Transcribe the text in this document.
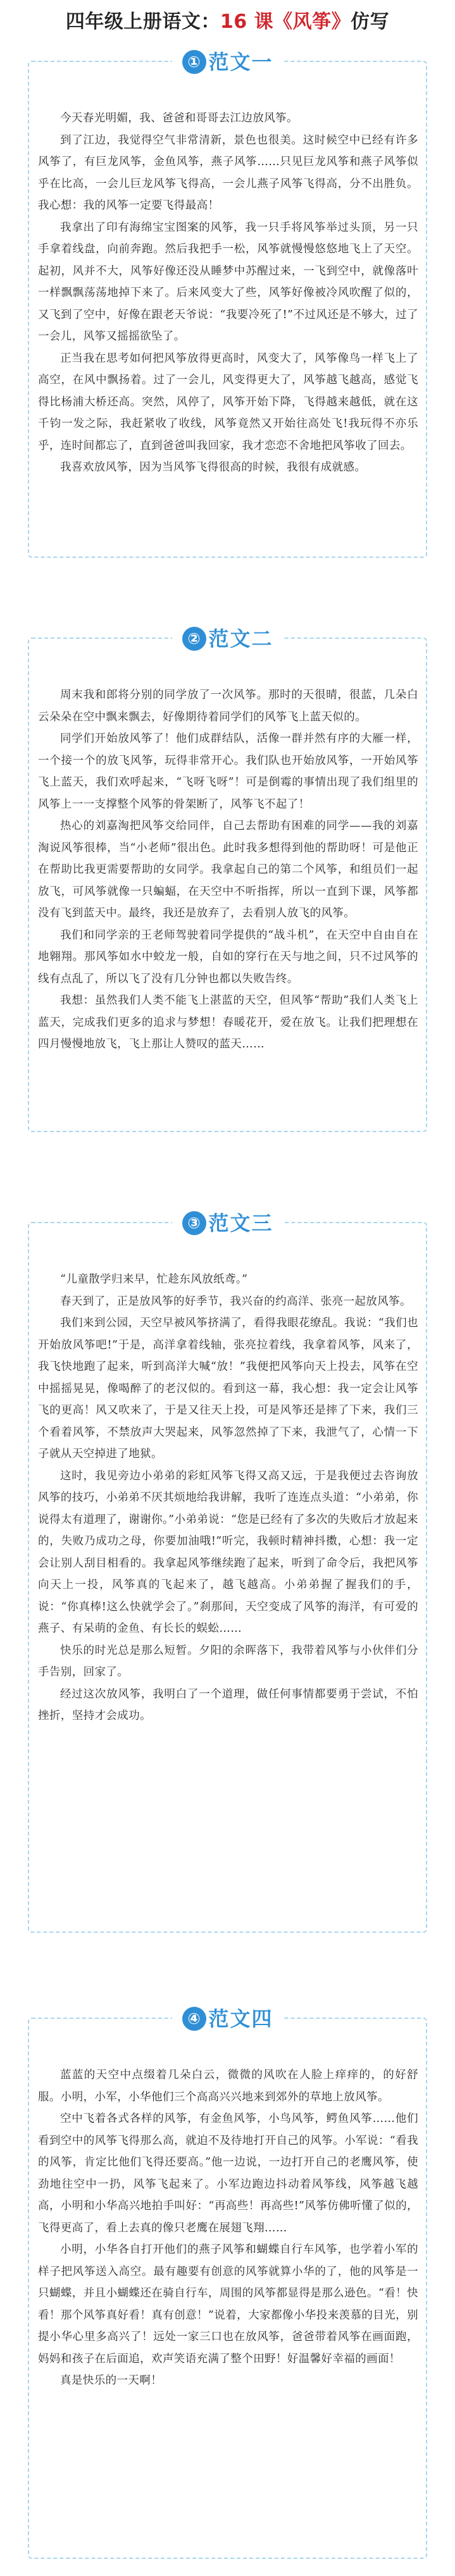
四年级上册语文：16 课《风筝》仿写
① 范文一

今天春光明媚，我、爸爸和哥哥去江边放风筝。

到了江边，我觉得空气非常清新，景色也很美。这时候空中已经有许多风筝了，有巨龙风筝，金鱼风筝，燕子风筝……只见巨龙风筝和燕子风筝似乎在比高，一会儿巨龙风筝飞得高，一会儿燕子风筝飞得高，分不出胜负。我心想：我的风筝一定要飞得最高！

我拿出了印有海绵宝宝图案的风筝，我一只手将风筝举过头顶，另一只手拿着线盘，向前奔跑。然后我把手一松，风筝就慢慢悠悠地飞上了天空。起初，风并不大，风筝好像还没从睡梦中苏醒过来，一飞到空中，就像落叶一样飘飘荡荡地掉下来了。后来风变大了些，风筝好像被冷风吹醒了似的，又飞到了空中，好像在跟老天爷说：“我要冷死了!”不过风还是不够大，过了一会儿，风筝又摇摇欲坠了。

正当我在思考如何把风筝放得更高时，风变大了，风筝像鸟一样飞上了高空，在风中飘扬着。过了一会儿，风变得更大了，风筝越飞越高，感觉飞得比杨浦大桥还高。突然，风停了，风筝开始下降，飞得越来越低，就在这千钧一发之际，我赶紧收了收线，风筝竟然又开始往高处飞!我玩得不亦乐乎，连时间都忘了，直到爸爸叫我回家，我才恋恋不舍地把风筝收了回去。

我喜欢放风筝，因为当风筝飞得很高的时候，我很有成就感。

② 范文二

周末我和郎将分别的同学放了一次风筝。那时的天很晴，很蓝，几朵白云朵朵在空中飘来飘去，好像期待着同学们的风筝飞上蓝天似的。

同学们开始放风筝了！他们成群结队，活像一群并然有序的大雁一样，一个接一个的放飞风筝，玩得非常开心。我们队也开始放风筝，一开始风筝飞上蓝天，我们欢呼起来，“飞呀飞呀”！可是倒霉的事情出现了我们组里的风筝上一一支撑整个风筝的骨架断了，风筝飞不起了！

热心的刘嘉淘把风筝交给同伴，自己去帮助有困难的同学——我的刘嘉淘说风筝很棒，当“小老师”很出色。此时我多想得到他的帮助呀！可是他正在帮助比我更需要帮助的女同学。我拿起自己的第二个风筝，和组员们一起放飞，可风筝就像一只蝙蝠，在天空中不听指挥，所以一直到下课，风筝都没有飞到蓝天中。最终，我还是放弃了，去看别人放飞的风筝。

我们和同学亲的王老师驾驶着同学提供的“战斗机”，在天空中自由自在地翱翔。那风筝如水中蛟龙一般，自如的穿行在天与地之间，只不过风筝的线有点乱了，所以飞了没有几分钟也都以失败告终。

我想：虽然我们人类不能飞上湛蓝的天空，但风筝“帮助”我们人类飞上蓝天，完成我们更多的追求与梦想！春暖花开，爱在放飞。让我们把理想在四月慢慢地放飞，飞上那让人赞叹的蓝天……

③ 范文三

“儿童散学归来早，忙趁东风放纸鸢。”

春天到了，正是放风筝的好季节，我兴奋的约高洋、张亮一起放风筝。

我们来到公园，天空早被风筝挤满了，看得我眼花缭乱。我说：“我们也开始放风筝吧!”于是，高洋拿着线轴，张亮拉着线，我拿着风筝，风来了，我飞快地跑了起来，听到高洋大喊“放！”我便把风筝向天上投去，风筝在空中摇摇晃晃，像喝醉了的老汉似的。看到这一幕，我心想：我一定会让风筝飞的更高！风又吹来了，于是又往天上投，可是风筝还是摔了下来，我们三个看着风筝，不禁放声大哭起来，风筝忽然掉了下来，我泄气了，心情一下子就从天空掉进了地狱。

这时，我见旁边小弟弟的彩虹风筝飞得又高又远，于是我便过去咨询放风筝的技巧，小弟弟不厌其烦地给我讲解，我听了连连点头道：“小弟弟，你说得太有道理了，谢谢你。”小弟弟说：“您是已经有了多次的失败后才放起来的，失败乃成功之母，你要加油哦!”听完，我顿时精神抖擞，心想：我一定会让别人刮目相看的。我拿起风筝继续跑了起来，听到了命令后，我把风筝向天上一投，风筝真的飞起来了，越飞越高。小弟弟握了握我们的手，说：“你真棒!这么快就学会了。”刹那间，天空变成了风筝的海洋，有可爱的燕子、有呆萌的金鱼、有长长的蜈蚣……

快乐的时光总是那么短暂。夕阳的余晖落下，我带着风筝与小伙伴们分手告别，回家了。

经过这次放风筝，我明白了一个道理，做任何事情都要勇于尝试，不怕挫折，坚持才会成功。

④ 范文四

蓝蓝的天空中点缀着几朵白云，微微的风吹在人脸上痒痒的，的好舒服。小明，小军，小华他们三个高高兴兴地来到郊外的草地上放风筝。

空中飞着各式各样的风筝，有金鱼风筝，小鸟风筝，鳄鱼风筝……他们看到空中的风筝飞得那么高，就迫不及待地打开自己的风筝。小军说：“看我的风筝，肯定比他们飞得还要高。”他一边说，一边打开自己的老鹰风筝，使劲地往空中一扔，风筝飞起来了。小军边跑边抖动着风筝线，风筝越飞越高，小明和小华高兴地拍手叫好：“再高些！再高些!”风筝仿佛听懂了似的，飞得更高了，看上去真的像只老鹰在展翅飞翔……

小明，小华各自打开他们的燕子风筝和蝴蝶自行车风筝，也学着小军的样子把风筝送入高空。最有趣要有创意的风筝就算小华的了，他的风筝是一只蝴蝶，并且小蝴蝶还在骑自行车，周围的风筝都显得是那么逊色。“看！快看！那个风筝真好看！真有创意！”说着，大家都像小华投来羡慕的目光，别提小华心里多高兴了！远处一家三口也在放风筝，爸爸带着风筝在画面跑，妈妈和孩子在后面追，欢声笑语充满了整个田野！好温馨好幸福的画面！

真是快乐的一天啊！
